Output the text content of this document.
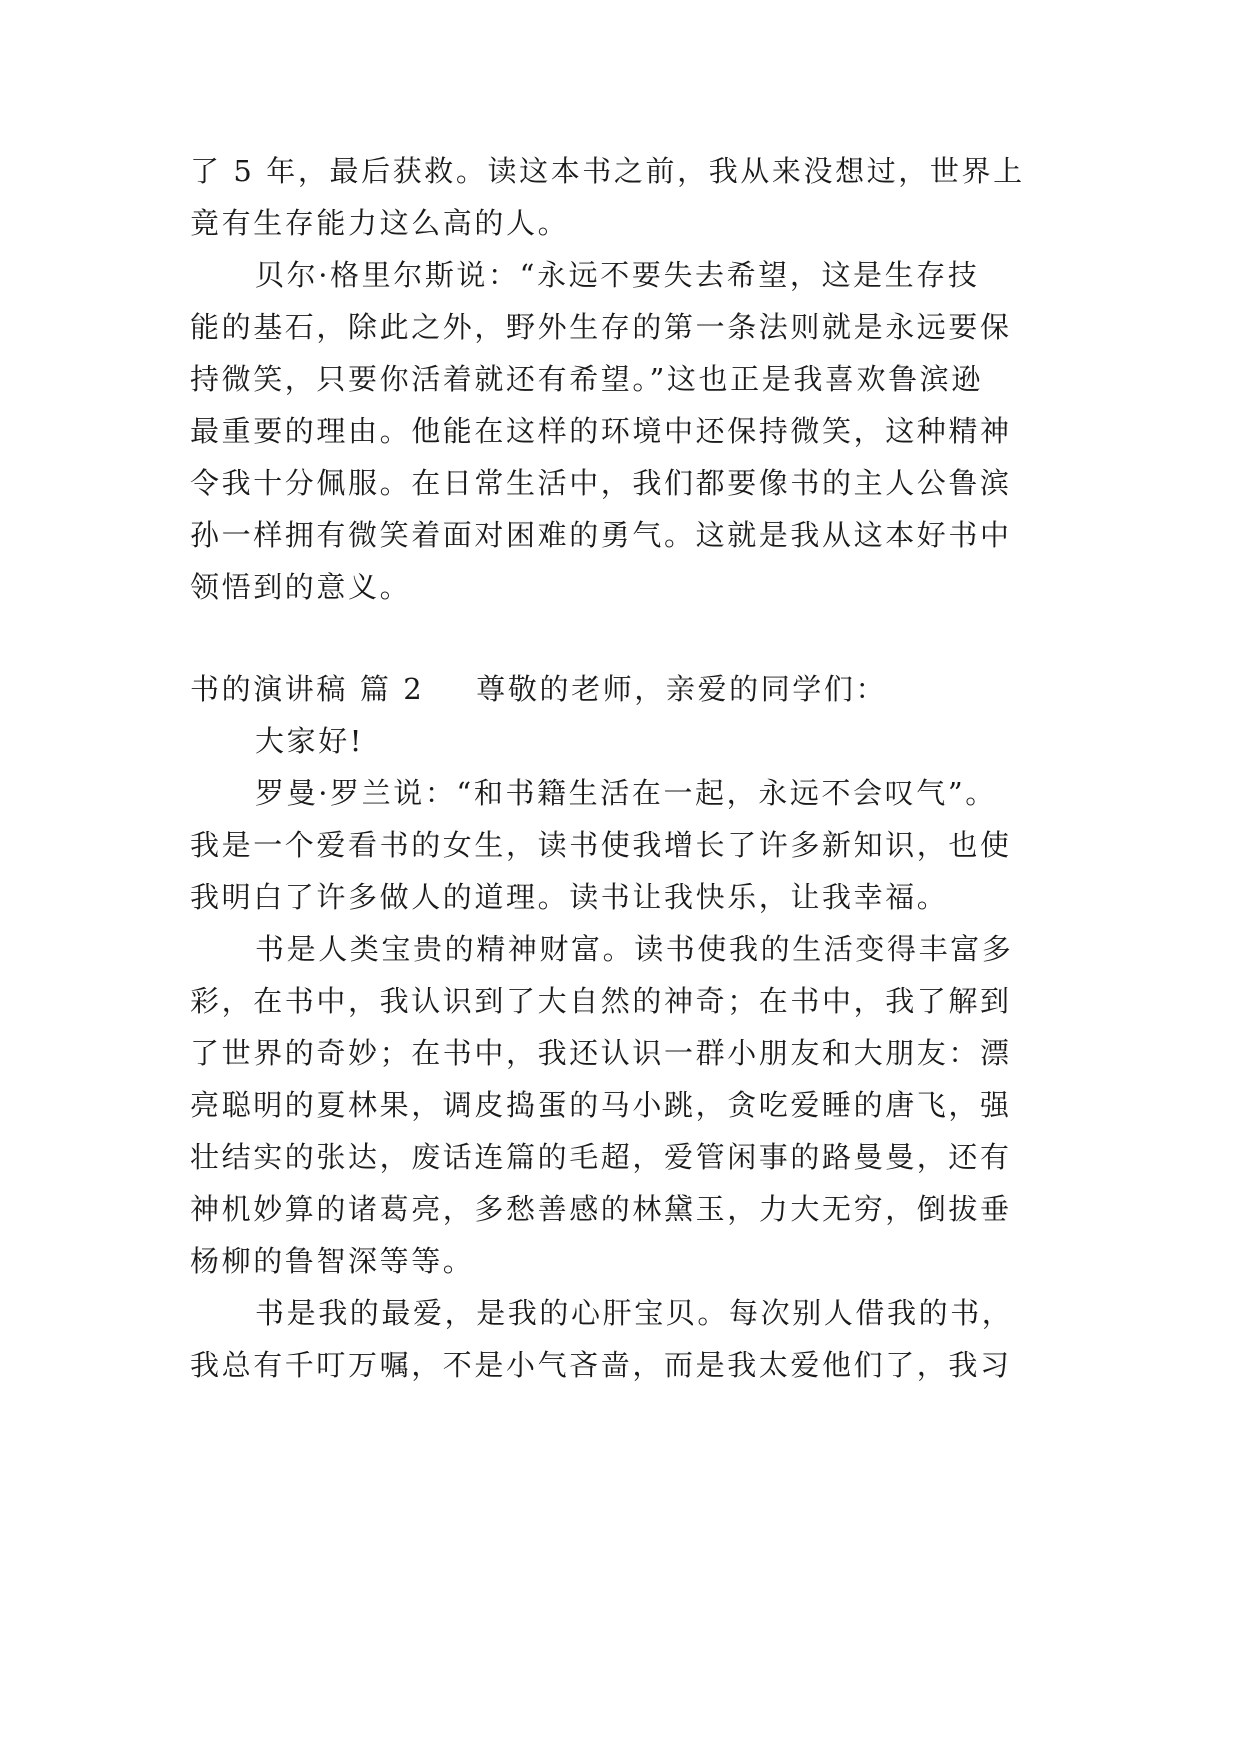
了 5 年，最后获救。读这本书之前，我从来没想过，世界上
竟有生存能力这么高的人。
贝尔·格里尔斯说：“永远不要失去希望，这是生存技
能的基石，除此之外，野外生存的第一条法则就是永远要保
持微笑，只要你活着就还有希望。”这也正是我喜欢鲁滨逊
最重要的理由。他能在这样的环境中还保持微笑，这种精神
令我十分佩服。在日常生活中，我们都要像书的主人公鲁滨
孙一样拥有微笑着面对困难的勇气。这就是我从这本好书中
领悟到的意义。
书的演讲稿 篇 2 尊敬的老师，亲爱的同学们：
大家好!
罗曼·罗兰说：“和书籍生活在一起，永远不会叹气”。
我是一个爱看书的女生，读书使我增长了许多新知识，也使
我明白了许多做人的道理。读书让我快乐，让我幸福。
书是人类宝贵的精神财富。读书使我的生活变得丰富多
彩，在书中，我认识到了大自然的神奇；在书中，我了解到
了世界的奇妙；在书中，我还认识一群小朋友和大朋友：漂
亮聪明的夏林果，调皮捣蛋的马小跳，贪吃爱睡的唐飞，强
壮结实的张达，废话连篇的毛超，爱管闲事的路曼曼，还有
神机妙算的诸葛亮，多愁善感的林黛玉，力大无穷，倒拔垂
杨柳的鲁智深等等。
书是我的最爱，是我的心肝宝贝。每次别人借我的书，
我总有千叮万嘱，不是小气吝啬，而是我太爱他们了，我习
